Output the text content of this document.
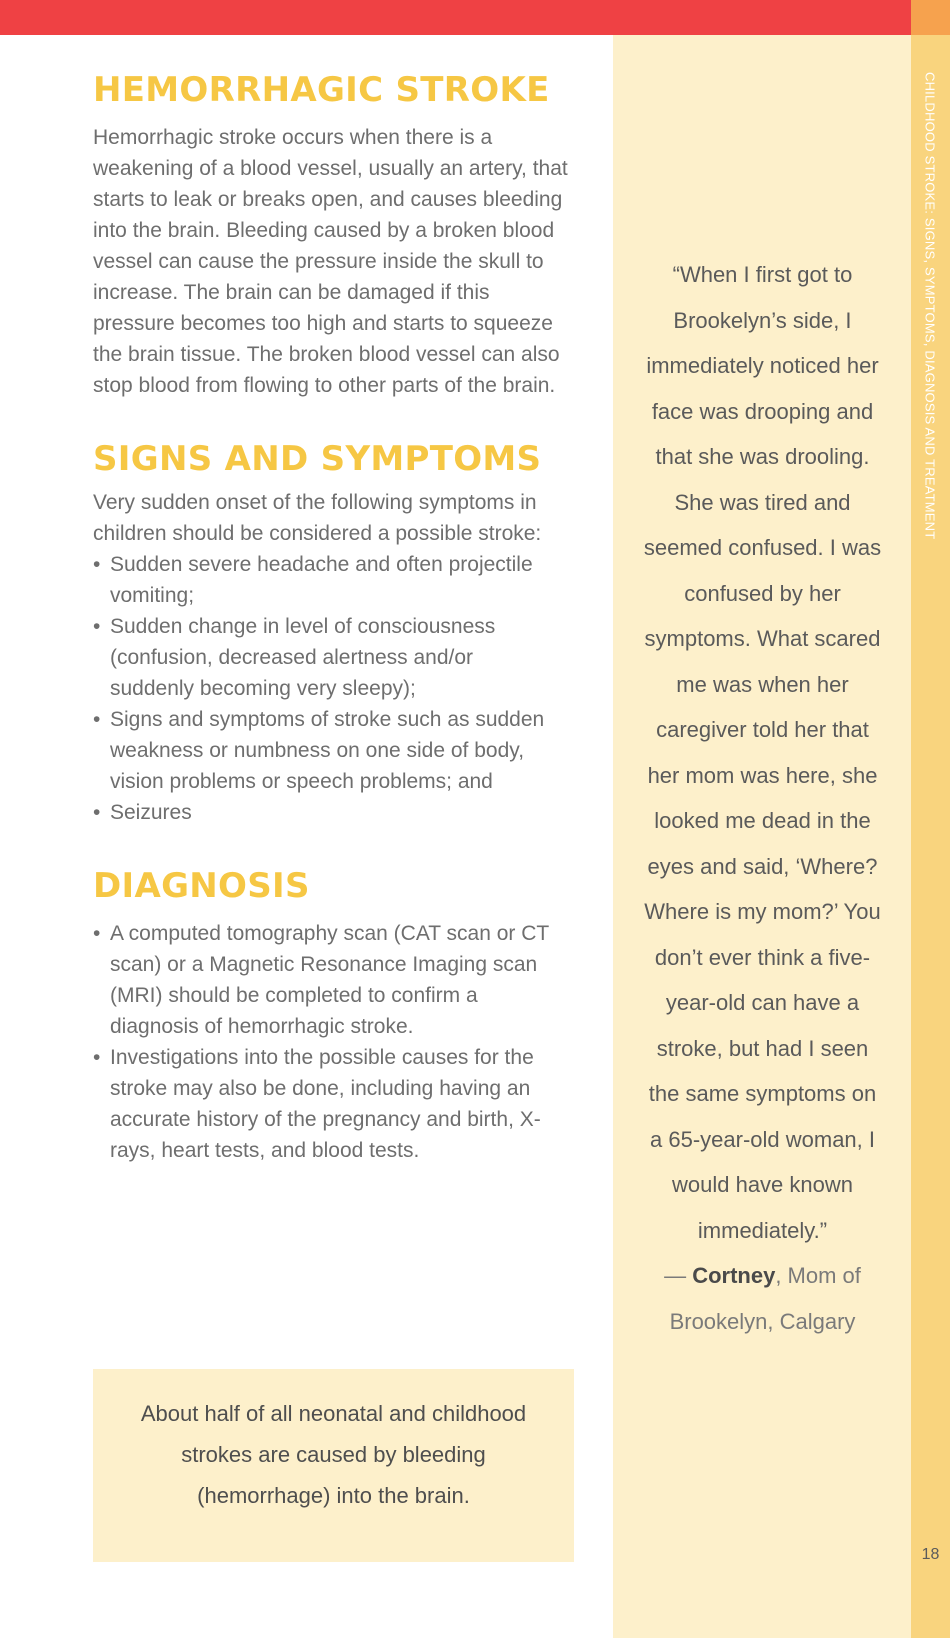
CHILDHOOD STROKE: SIGNS, SYMPTOMS, DIAGNOSIS AND TREATMENT
18
HEMORRHAGIC STROKE

Hemorrhagic stroke occurs when there is a weakening of a blood vessel, usually an artery, that starts to leak or breaks open, and causes bleeding into the brain. Bleeding caused by a broken blood vessel can cause the pressure inside the skull to increase. The brain can be damaged if this pressure becomes too high and starts to squeeze the brain tissue. The broken blood vessel can also stop blood from flowing to other parts of the brain.

SIGNS AND SYMPTOMS

Very sudden onset of the following symptoms in children should be considered a possible stroke:

• Sudden severe headache and often projectile vomiting;
• Sudden change in level of consciousness (confusion, decreased alertness and/or suddenly becoming very sleepy);
• Signs and symptoms of stroke such as sudden weakness or numbness on one side of body, vision problems or speech problems; and
• Seizures
DIAGNOSIS
• A computed tomography scan (CAT scan or CT scan) or a Magnetic Resonance Imaging scan (MRI) should be completed to confirm a diagnosis of hemorrhagic stroke.
• Investigations into the possible causes for the stroke may also be done, including having an accurate history of the pregnancy and birth, X-rays, heart tests, and blood tests.
About half of all neonatal and childhood strokes are caused by bleeding (hemorrhage) into the brain.
“When I first got to Brookelyn’s side, I immediately noticed her face was drooping and that she was drooling. She was tired and seemed confused. I was confused by her symptoms. What scared me was when her caregiver told her that her mom was here, she looked me dead in the eyes and said, ‘Where? Where is my mom?’ You don’t ever think a five-year-old can have a stroke, but had I seen the same symptoms on a 65-year-old woman, I would have known immediately.”
— Cortney, Mom of Brookelyn, Calgary
